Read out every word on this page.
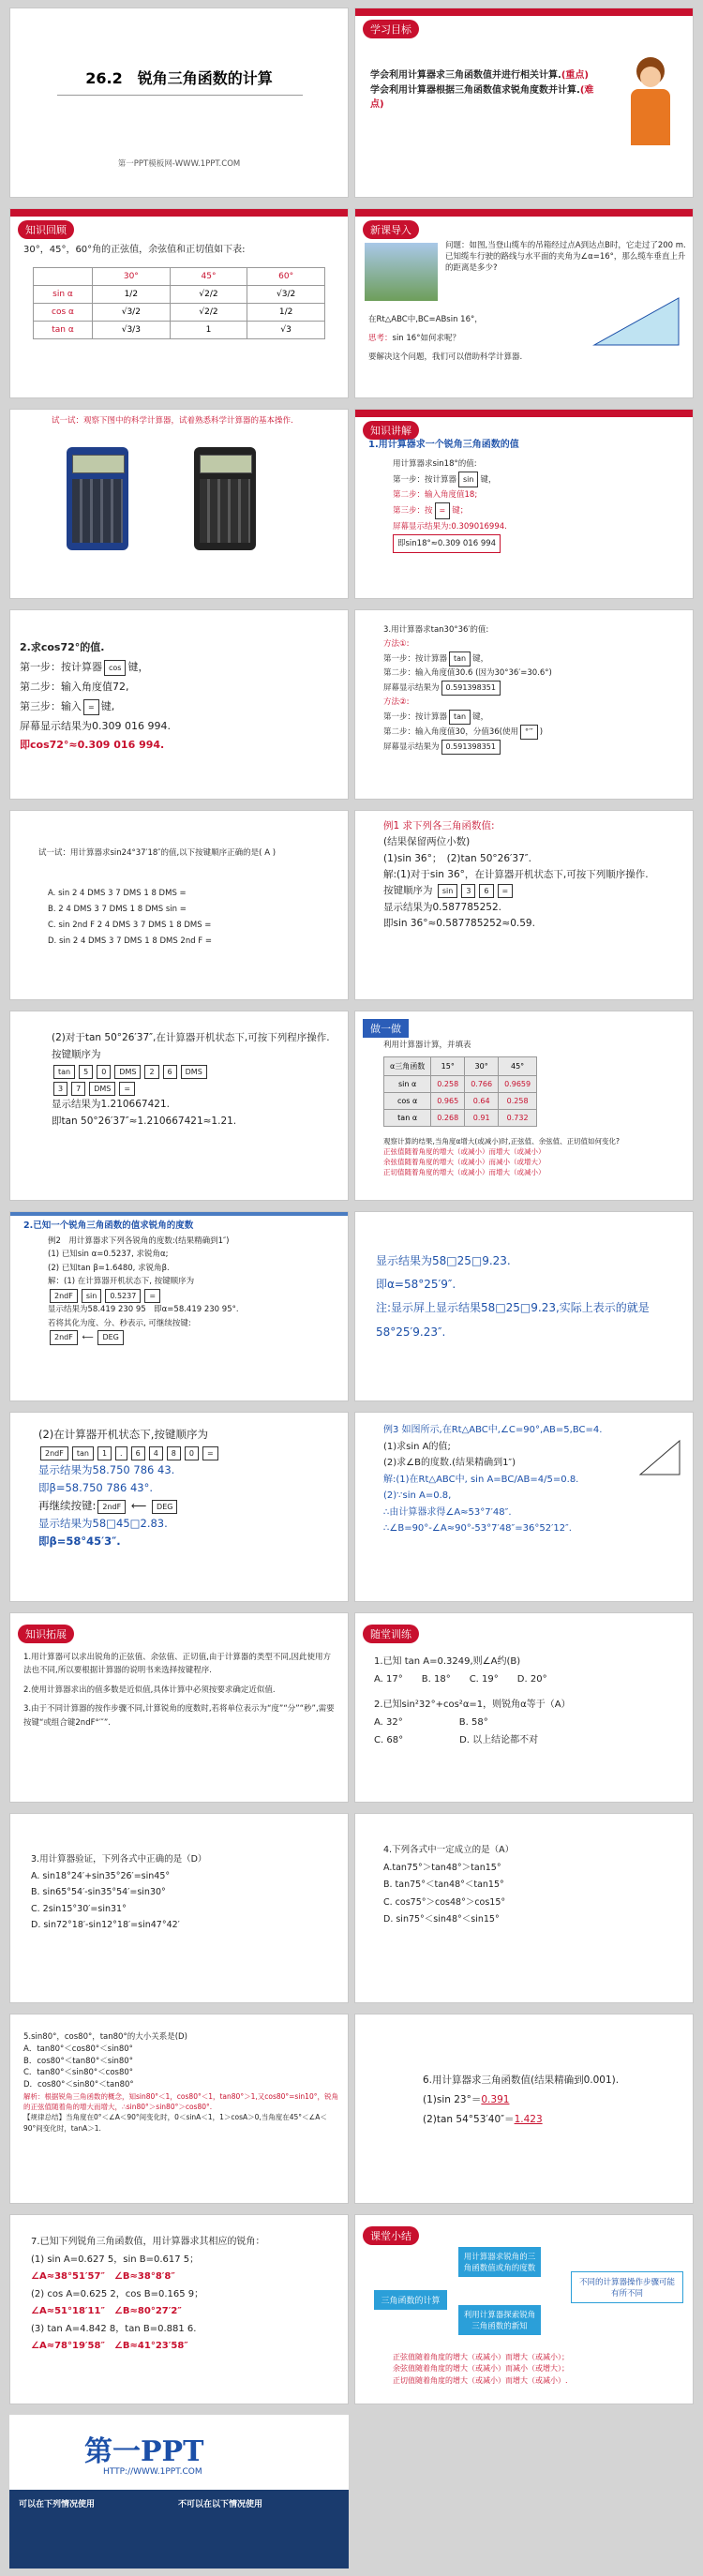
26.2　锐角三角函数的计算
第一PPT模板网-WWW.1PPT.COM
学习目标
学会利用计算器求三角函数值并进行相关计算.(重点)
学会利用计算器根据三角函数值求锐角度数并计算.(难点)
知识回顾
30°，45°，60°角的正弦值，余弦值和正切值如下表:
	30°	45°	60°
sin α	1/2	√2/2	√3/2
cos α	√3/2	√2/2	1/2
tan α	√3/3	1	√3
新课导入
问题：如图,当登山缆车的吊箱经过点A到达点B时，它走过了200 m.已知缆车行驶的路线与水平面的夹角为∠α=16°，那么缆车垂直上升的距离是多少?
在Rt△ABC中,BC=ABsin 16°，
思考：sin 16°如何求呢？
要解决这个问题，我们可以借助科学计算器.
试一试：观察下图中的科学计算器，试着熟悉科学计算器的基本操作.
知识讲解
1.用计算器求一个锐角三角函数的值
用计算器求sin18°的值:
第一步：按计算器 sin 键，
第二步：输入角度值18;
第三步：按 = 键；
屏幕显示结果为:0.309016994.
即sin18°≈0.309 016 994
2.求cos72°的值.
第一步：按计算器 cos 键，
第二步：输入角度值72,
第三步：输入 = 键,
屏幕显示结果为0.309 016 994.
即cos72°≈0.309 016 994.
3.用计算器求tan30°36′的值:
方法①:
第一步：按计算器 tan 键，
第二步：输入角度值30.6 (因为30°36′=30.6°)
屏幕显示结果为 0.591398351
方法②:
第一步：按计算器 tan 键，
第二步：输入角度值30，分值36(使用 °′″ )
屏幕显示结果为 0.591398351
试一试：用计算器求sin24°37′18″的值,以下按键顺序正确的是( A )
A. sin 2 4 DMS 3 7 DMS 1 8 DMS =
B. 2 4 DMS 3 7 DMS 1 8 DMS sin =
C. sin 2nd F 2 4 DMS 3 7 DMS 1 8 DMS =
D. sin 2 4 DMS 3 7 DMS 1 8 DMS 2nd F =
例1 求下列各三角函数值:
(结果保留两位小数)
(1)sin 36°；　(2)tan 50°26′37″.
解:(1)对于sin 36°，在计算器开机状态下,可按下列顺序操作.
按键顺序为 sin 3 6 =
显示结果为0.587785252.
即sin 36°≈0.587785252≈0.59.
(2)对于tan 50°26′37″,在计算器开机状态下,可按下列程序操作.
按键顺序为
tan 5 0 DMS 2 6 DMS
3 7 DMS =
显示结果为1.210667421.
即tan 50°26′37″≈1.210667421≈1.21.
做一做
利用计算器计算，并填表
α三角函数	15°	30°	45°
sin α	0.258	0.766	0.9659
cos α	0.965	0.64	0.258
tan α	0.268	0.91	0.732
观察计算的结果,当角度α增大(或减小)时,正弦值、余弦值、正切值如何变化?
正弦值随着角度的增大（或减小）而增大（或减小）
余弦值随着角度的增大（或减小）而减小（或增大）
正切值随着角度的增大（或减小）而增大（或减小）
2.已知一个锐角三角函数的值求锐角的度数
例2　用计算器求下列各锐角的度数:(结果精确到1″)
(1) 已知sin α=0.5237, 求锐角α;
(2) 已知tan β=1.6480, 求锐角β.
解：(1) 在计算器开机状态下, 按键顺序为
2ndF sin 0.5237 =
显示结果为58.419 230 95　即α=58.419 230 95°.
若将其化为度、分、秒表示, 可继续按键:
2ndF ⟵ DEG
显示结果为58□25□9.23.
即α=58°25′9″.
注:显示屏上显示结果58□25□9.23,实际上表示的就是58°25′9.23″.
(2)在计算器开机状态下,按键顺序为
2ndF tan 1 . 6 4 8 0 =
显示结果为58.750 786 43.
即β=58.750 786 43°.
再继续按键: 2ndF ⟵ DEG
显示结果为58□45□2.83.
即β=58°45′3″.
例3 如图所示,在Rt△ABC中,∠C=90°,AB=5,BC=4.
(1)求sin A的值;
(2)求∠B的度数.(结果精确到1″)
解:(1)在Rt△ABC中, sin A=BC/AB=4/5=0.8.
(2)∵sin A=0.8,
∴由计算器求得∠A≈53°7′48″.
∴∠B=90°-∠A≈90°-53°7′48″=36°52′12″.
知识拓展
1.用计算器可以求出锐角的正弦值、余弦值、正切值,由于计算器的类型不同,因此使用方法也不同,所以要根据计算器的说明书来选择按键程序.
2.使用计算器求出的值多数是近似值,具体计算中必须按要求确定近似值.
3.由于不同计算器的按作步骤不同,计算锐角的度数时,若将单位表示为“度”“分”“秒”,需要按键“或组合键2ndF°′″”.
随堂训练
1.已知 tan A=0.3249,则∠A约(B)
A. 17°　　 B. 18°　　 C. 19°　　 D. 20°
2.已知sin²32°+cos²α=1，则锐角α等于（A）
A. 32°　　　　　　	B. 58°
C. 68°　　　　　　	D. 以上结论都不对
3.用计算器验证，下列各式中正确的是（D）
A. sin18°24′+sin35°26′=sin45°
B. sin65°54′-sin35°54′=sin30°
C. 2sin15°30′=sin31°
D. sin72°18′-sin12°18′=sin47°42′
4.下列各式中一定成立的是（A）
A.tan75°＞tan48°＞tan15°
B. tan75°＜tan48°＜tan15°
C. cos75°＞cos48°＞cos15°
D. sin75°＜sin48°＜sin15°
5.sin80°，cos80°，tan80°的大小关系是(D)
A．tan80°＜cos80°＜sin80°
B．cos80°＜tan80°＜sin80°
C．tan80°＜sin80°＜cos80°
D．cos80°＜sin80°＜tan80°
解析：根据锐角三角函数的概念，知sin80°＜1，cos80°＜1，tan80°＞1,又cos80°=sin10°，锐角的正弦值随着角的增大而增大，∴sin80°＞sin80°＞cos80°.
【规律总结】当角度在0°＜∠A＜90°间变化时，0＜sinA＜1，1＞cosA＞0,当角度在45°＜∠A＜90°间变化时，tanA＞1.
6.用计算器求三角函数值(结果精确到0.001).
(1)sin 23°＝0.391
(2)tan 54°53′40″＝1.423
7.已知下列锐角三角函数值，用计算器求其相应的锐角：
(1) sin A=0.627 5，sin B=0.617 5；
∠A≈38°51′57″　∠B≈38°8′8″
(2) cos A=0.625 2，cos B=0.165 9；
∠A≈51°18′11″　∠B≈80°27′2″
(3) tan A=4.842 8，tan B=0.881 6.
∠A≈78°19′58″　∠B≈41°23′58″
课堂小结
三角函数的计算
用计算器求锐角的三角函数值或角的度数
利用计算器探索锐角三角函数的新知
不同的计算器操作步骤可能有所不同
正弦值随着角度的增大（或减小）而增大（或减小）；
余弦值随着角度的增大（或减小）而减小（或增大）；
正切值随着角度的增大（或减小）而增大（或减小）.
第一PPT
HTTP://WWW.1PPT.COM
可以在下列情况使用	不可以在以下情况使用
